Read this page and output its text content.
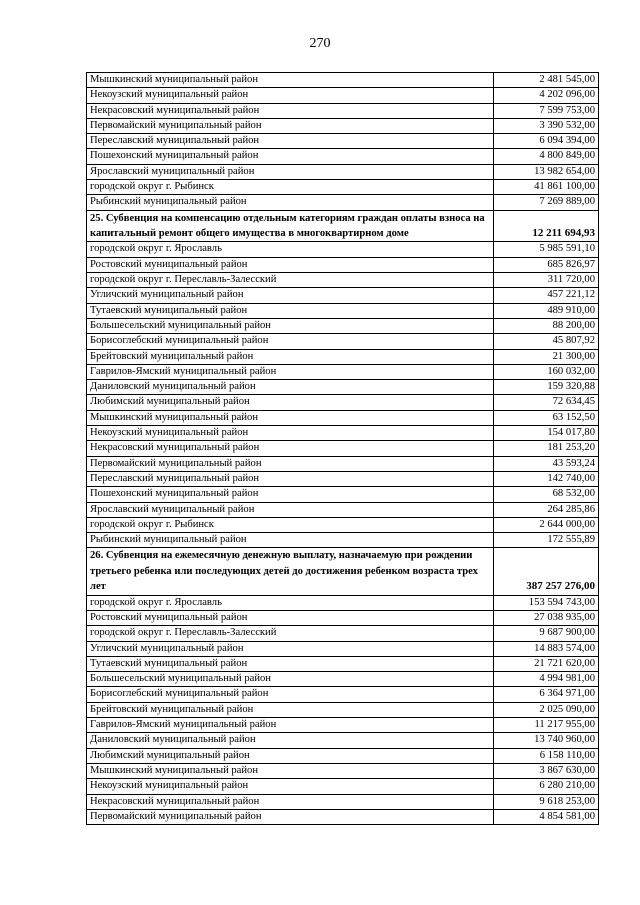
270
Мышкинский муниципальный район	2 481 545,00
Некоузский муниципальный район	4 202 096,00
Некрасовский муниципальный район	7 599 753,00
Первомайский муниципальный район	3 390 532,00
Переславский муниципальный район	6 094 394,00
Пошехонский муниципальный район	4 800 849,00
Ярославский муниципальный район	13 982 654,00
городской округ г. Рыбинск	41 861 100,00
Рыбинский муниципальный район	7 269 889,00
25. Субвенция на компенсацию отдельным категориям граждан оплаты взноса на капитальный ремонт общего имущества в многоквартирном доме	12 211 694,93
городской округ г. Ярославль	5 985 591,10
Ростовский муниципальный район	685 826,97
городской округ г. Переславль-Залесский	311 720,00
Угличский муниципальный район	457 221,12
Тутаевский муниципальный район	489 910,00
Большесельский муниципальный район	88 200,00
Борисоглебский муниципальный район	45 807,92
Брейтовский муниципальный район	21 300,00
Гаврилов-Ямский муниципальный район	160 032,00
Даниловский муниципальный район	159 320,88
Любимский муниципальный район	72 634,45
Мышкинский муниципальный район	63 152,50
Некоузский муниципальный район	154 017,80
Некрасовский муниципальный район	181 253,20
Первомайский муниципальный район	43 593,24
Переславский муниципальный район	142 740,00
Пошехонский муниципальный район	68 532,00
Ярославский муниципальный район	264 285,86
городской округ г. Рыбинск	2 644 000,00
Рыбинский муниципальный район	172 555,89
26. Субвенция на ежемесячную денежную выплату, назначаемую при рождении третьего ребенка или последующих детей до достижения ребенком возраста трех лет	387 257 276,00
городской округ г. Ярославль	153 594 743,00
Ростовский муниципальный район	27 038 935,00
городской округ г. Переславль-Залесский	9 687 900,00
Угличский муниципальный район	14 883 574,00
Тутаевский муниципальный район	21 721 620,00
Большесельский муниципальный район	4 994 981,00
Борисоглебский муниципальный район	6 364 971,00
Брейтовский муниципальный район	2 025 090,00
Гаврилов-Ямский муниципальный район	11 217 955,00
Даниловский муниципальный район	13 740 960,00
Любимский муниципальный район	6 158 110,00
Мышкинский муниципальный район	3 867 630,00
Некоузский муниципальный район	6 280 210,00
Некрасовский муниципальный район	9 618 253,00
Первомайский муниципальный район	4 854 581,00
